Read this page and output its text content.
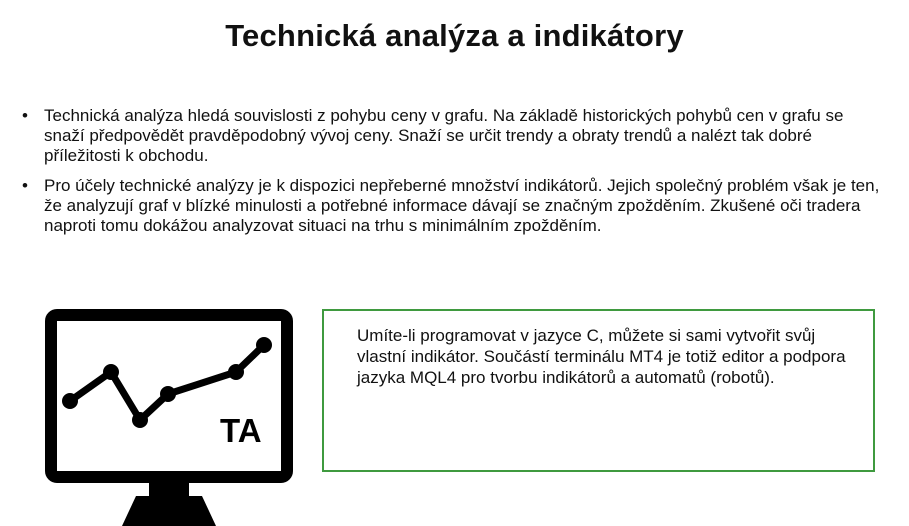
Technická analýza a indikátory
• Technická analýza hledá souvislosti z pohybu ceny v grafu. Na základě historických pohybů cen v grafu se snaží předpovědět pravděpodobný vývoj ceny. Snaží se určit trendy a obraty trendů a nalézt tak dobré příležitosti k obchodu.
• Pro účely technické analýzy je k dispozici nepřeberné množství indikátorů. Jejich společný problém však je ten, že analyzují graf v blízké minulosti a potřebné informace dávají se značným zpožděním. Zkušené oči tradera naproti tomu dokážou analyzovat situaci na trhu s minimálním zpožděním.
TA
Umíte-li programovat v jazyce C, můžete si sami vytvořit svůj vlastní indikátor. Součástí terminálu MT4 je totiž editor a podpora jazyka MQL4 pro tvorbu indikátorů a automatů (robotů).
